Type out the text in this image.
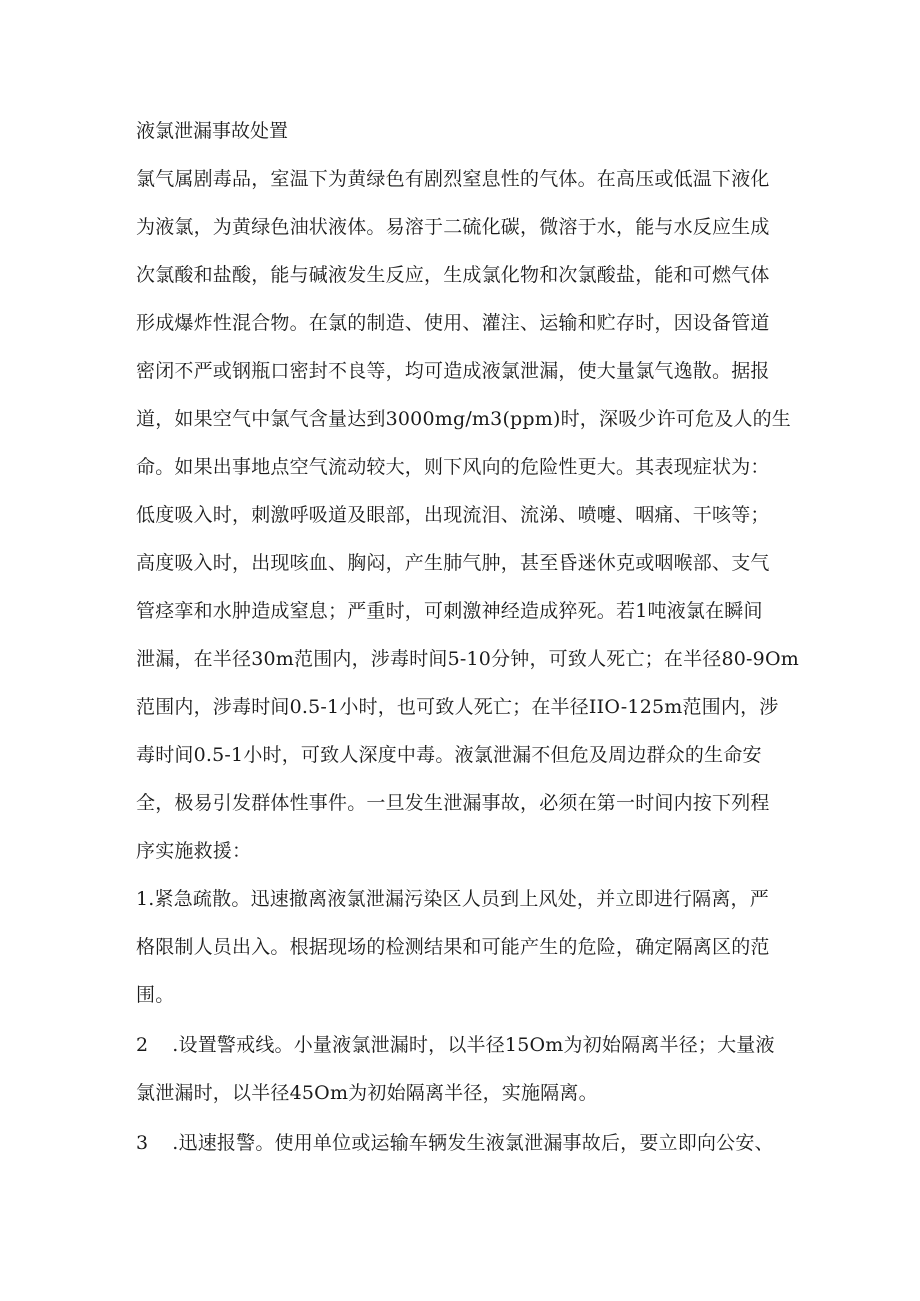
液氯泄漏事故处置
氯气属剧毒品，室温下为黄绿色有剧烈窒息性的气体。在高压或低温下液化
为液氯，为黄绿色油状液体。易溶于二硫化碳，微溶于水，能与水反应生成
次氯酸和盐酸，能与碱液发生反应，生成氯化物和次氯酸盐，能和可燃气体
形成爆炸性混合物。在氯的制造、使用、灌注、运输和贮存时，因设备管道
密闭不严或钢瓶口密封不良等，均可造成液氯泄漏，使大量氯气逸散。据报
道，如果空气中氯气含量达到3000mg∕m3(ppm)时，深吸少许可危及人的生
命。如果出事地点空气流动较大，则下风向的危险性更大。其表现症状为：
低度吸入时，刺激呼吸道及眼部，出现流泪、流涕、喷嚏、咽痛、干咳等；
高度吸入时，出现咳血、胸闷，产生肺气肿，甚至昏迷休克或咽喉部、支气
管痉挛和水肿造成窒息；严重时，可刺激神经造成猝死。若1吨液氯在瞬间
泄漏，在半径30m范围内，涉毒时间5-10分钟，可致人死亡；在半径80-9Om
范围内，涉毒时间0.5-1小时，也可致人死亡；在半径IIO-125m范围内，涉
毒时间0.5-1小时，可致人深度中毒。液氯泄漏不但危及周边群众的生命安
全，极易引发群体性事件。一旦发生泄漏事故，必须在第一时间内按下列程
序实施救援：
1.紧急疏散。迅速撤离液氯泄漏污染区人员到上风处，并立即进行隔离，严
格限制人员出入。根据现场的检测结果和可能产生的危险，确定隔离区的范
围。
2 .设置警戒线。小量液氯泄漏时，以半径15Om为初始隔离半径；大量液
氯泄漏时，以半径45Om为初始隔离半径，实施隔离。
3 .迅速报警。使用单位或运输车辆发生液氯泄漏事故后，要立即向公安、
